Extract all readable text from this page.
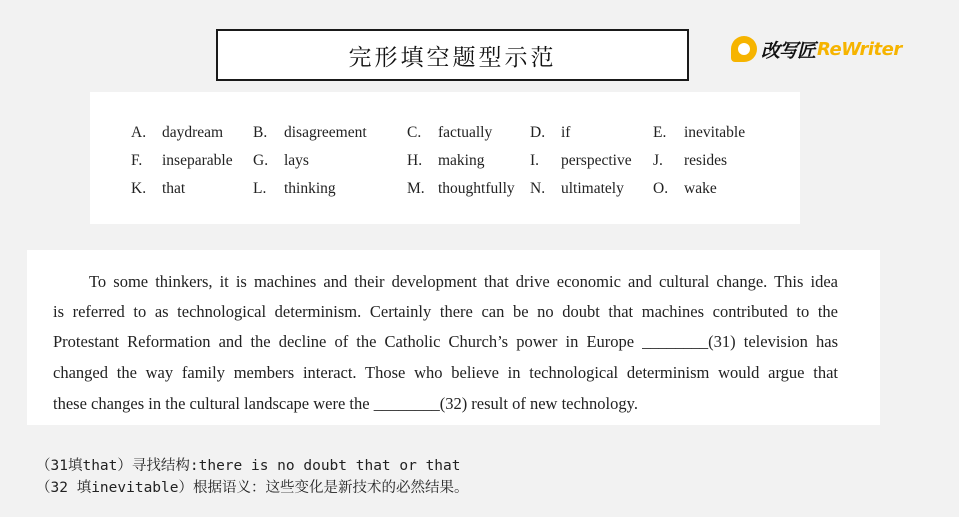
完形填空题型示范	改写匠 ReWriter
A. daydream B. disagreement	C. factually D. if	E. inevitable
F. inseparable G. lays	H. making	I. perspective J. resides
K. that	L. thinking	M. thoughtfully N. ultimately O. wake
To some thinkers, it is machines and their development that drive economic and cultural change. This idea
is referred to as technological determinism. Certainly there can be no doubt that machines contributed to the
Protestant Reformation and the decline of the Catholic Church’s power in Europe ________(31) television has
changed the way family members interact. Those who believe in technological determinism would argue that
these changes in the cultural landscape were the ________(32) result of new technology.
（31填that）寻找结构:there is no doubt that or that
（32 填inevitable）根据语义：这些变化是新技术的必然结果。
